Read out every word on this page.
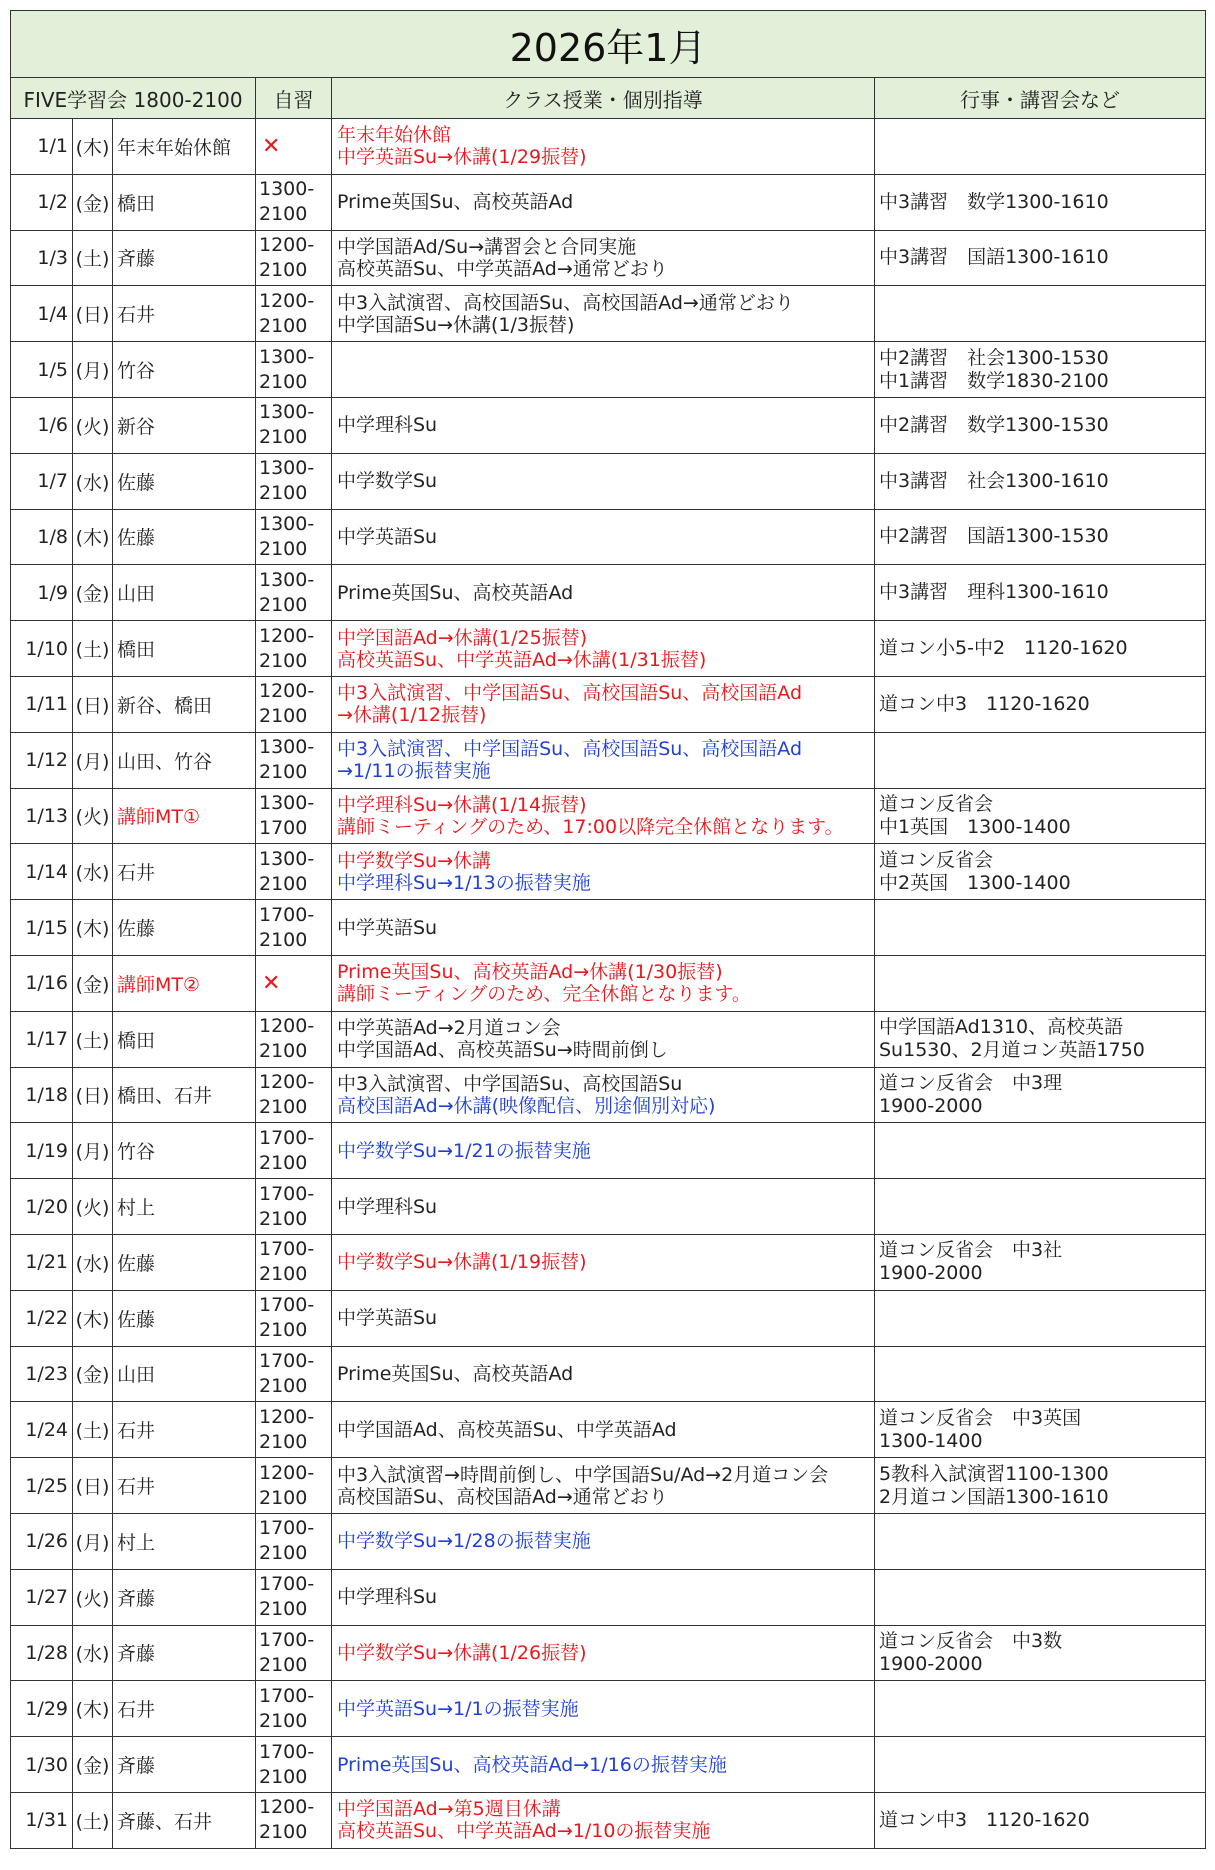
2026年1月					
FIVE学習会 1800-2100			自習	クラス授業・個別指導	行事・講習会など
1/1	(木)	年末年始休館	✕	年末年始休館
中学英語Su→休講(1/29振替)	

1/2	(金)	橋田	1300-
2100	Prime英国Su、高校英語Ad	中3講習　数学1300-1610

1/3	(土)	斉藤	1200-
2100	中学国語Ad/Su→講習会と合同実施
高校英語Su、中学英語Ad→通常どおり	中3講習　国語1300-1610

1/4	(日)	石井	1200-
2100	中3入試演習、高校国語Su、高校国語Ad→通常どおり
中学国語Su→休講(1/3振替)	

1/5	(月)	竹谷	1300-
2100		中2講習　社会1300-1530
中1講習　数学1830-2100

1/6	(火)	新谷	1300-
2100	中学理科Su	中2講習　数学1300-1530

1/7	(水)	佐藤	1300-
2100	中学数学Su	中3講習　社会1300-1610

1/8	(木)	佐藤	1300-
2100	中学英語Su	中2講習　国語1300-1530

1/9	(金)	山田	1300-
2100	Prime英国Su、高校英語Ad	中3講習　理科1300-1610

1/10	(土)	橋田	1200-
2100	中学国語Ad→休講(1/25振替)
高校英語Su、中学英語Ad→休講(1/31振替)	道コン小5-中2　1120-1620

1/11	(日)	新谷、橋田	1200-
2100	中3入試演習、中学国語Su、高校国語Su、高校国語Ad
→休講(1/12振替)	道コン中3　1120-1620

1/12	(月)	山田、竹谷	1300-
2100	中3入試演習、中学国語Su、高校国語Su、高校国語Ad
→1/11の振替実施	

1/13	(火)	講師MT①	1300-
1700	中学理科Su→休講(1/14振替)
講師ミーティングのため、17:00以降完全休館となります。	道コン反省会
中1英国　1300-1400

1/14	(水)	石井	1300-
2100	中学数学Su→休講
中学理科Su→1/13の振替実施	道コン反省会
中2英国　1300-1400

1/15	(木)	佐藤	1700-
2100	中学英語Su	

1/16	(金)	講師MT②	✕	Prime英国Su、高校英語Ad→休講(1/30振替)
講師ミーティングのため、完全休館となります。	

1/17	(土)	橋田	1200-
2100	中学英語Ad→2月道コン会
中学国語Ad、高校英語Su→時間前倒し	中学国語Ad1310、高校英語
Su1530、2月道コン英語1750

1/18	(日)	橋田、石井	1200-
2100	中3入試演習、中学国語Su、高校国語Su
高校国語Ad→休講(映像配信、別途個別対応)	道コン反省会　中3理
1900-2000

1/19	(月)	竹谷	1700-
2100	中学数学Su→1/21の振替実施	

1/20	(火)	村上	1700-
2100	中学理科Su	

1/21	(水)	佐藤	1700-
2100	中学数学Su→休講(1/19振替)	道コン反省会　中3社
1900-2000

1/22	(木)	佐藤	1700-
2100	中学英語Su	

1/23	(金)	山田	1700-
2100	Prime英国Su、高校英語Ad	

1/24	(土)	石井	1200-
2100	中学国語Ad、高校英語Su、中学英語Ad	道コン反省会　中3英国
1300-1400

1/25	(日)	石井	1200-
2100	中3入試演習→時間前倒し、中学国語Su/Ad→2月道コン会
高校国語Su、高校国語Ad→通常どおり	5教科入試演習1100-1300
2月道コン国語1300-1610

1/26	(月)	村上	1700-
2100	中学数学Su→1/28の振替実施	

1/27	(火)	斉藤	1700-
2100	中学理科Su	

1/28	(水)	斉藤	1700-
2100	中学数学Su→休講(1/26振替)	道コン反省会　中3数
1900-2000

1/29	(木)	石井	1700-
2100	中学英語Su→1/1の振替実施	

1/30	(金)	斉藤	1700-
2100	Prime英国Su、高校英語Ad→1/16の振替実施	

1/31	(土)	斉藤、石井	1200-
2100	中学国語Ad→第5週目休講
高校英語Su、中学英語Ad→1/10の振替実施	道コン中3　1120-1620
